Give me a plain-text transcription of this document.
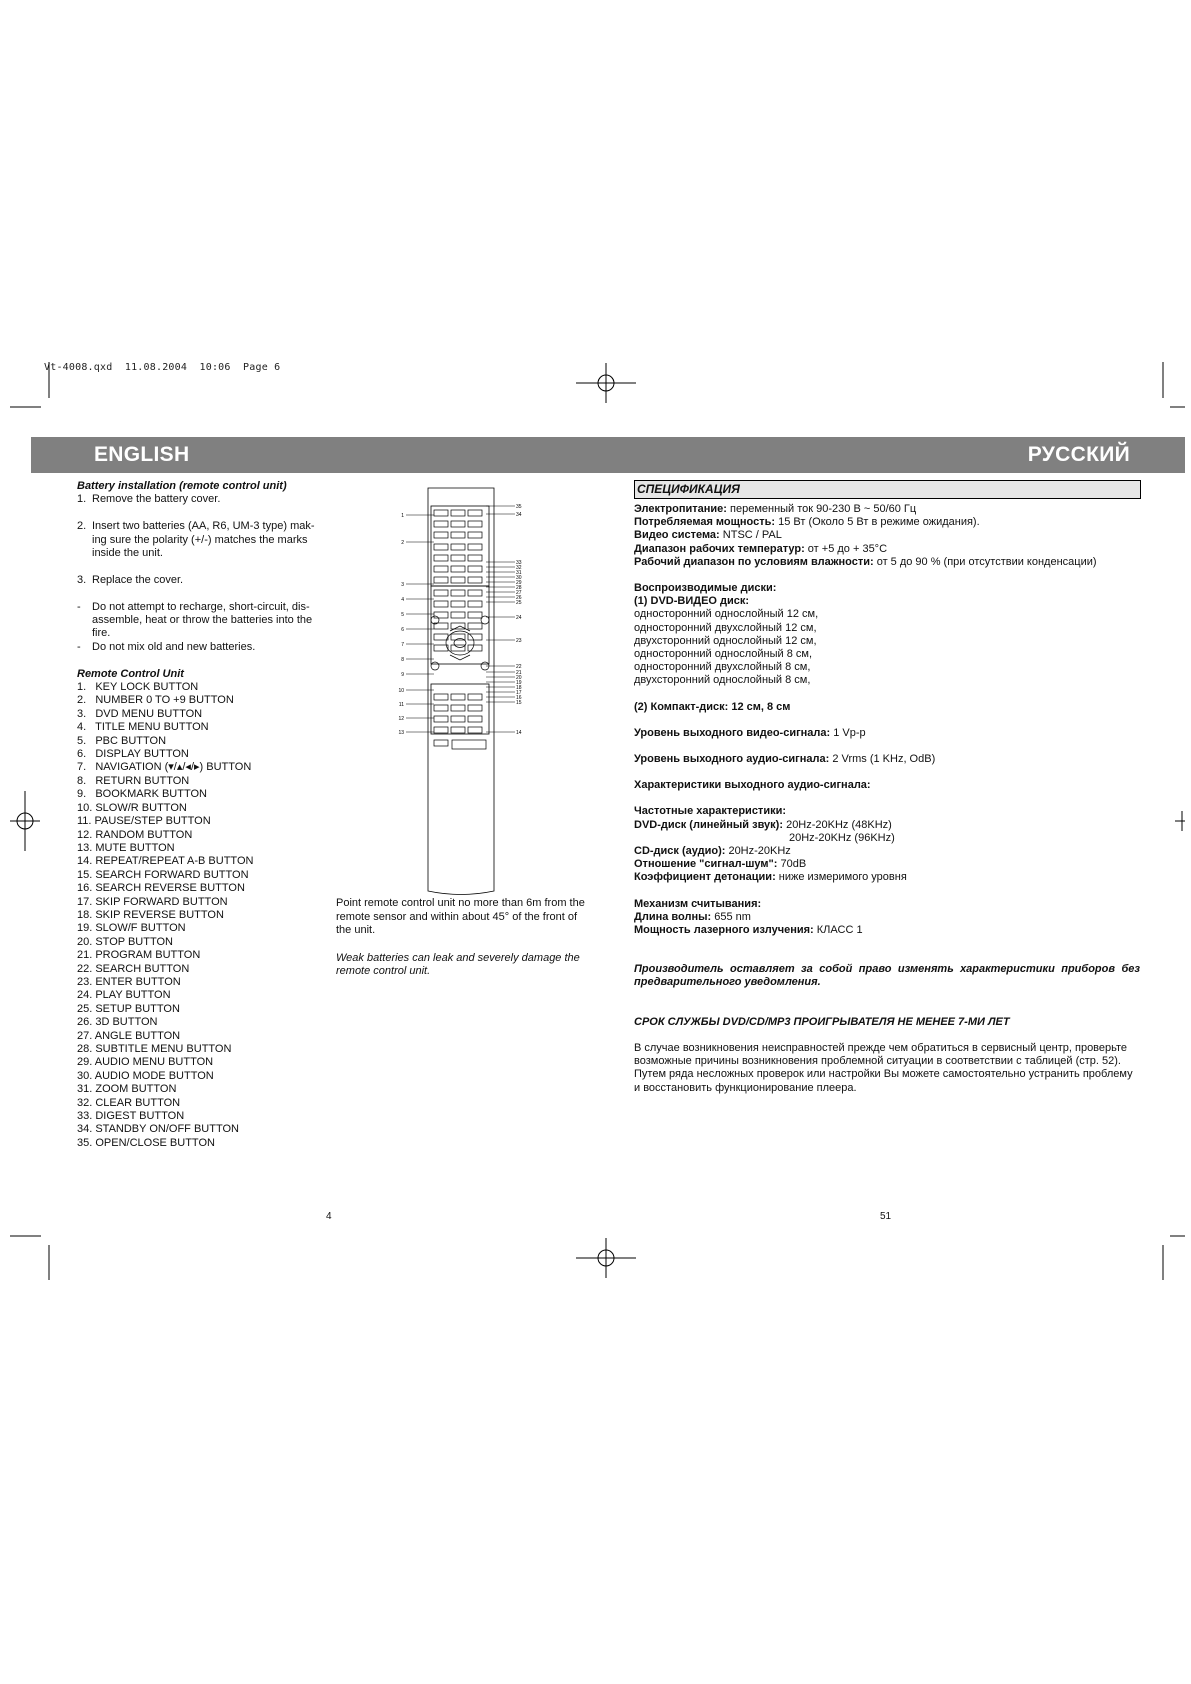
Vt-4008.qxd  11.08.2004  10:06  Page 6
ENGLISH	РУССКИЙ

Battery installation (remote control unit)

1. Remove the battery cover.
2. Insert two batteries (AA, R6, UM-3 type) mak-ing sure the polarity (+/-) matches the marks inside the unit.
3. Replace the cover.
-	Do not attempt to recharge, short-circuit, dis-assemble, heat or throw the batteries into the fire.
-	Do not mix old and new batteries.

Remote Control Unit

1.   KEY LOCK BUTTON

2.   NUMBER 0 TO +9 BUTTON

3.   DVD MENU BUTTON

4.   TITLE MENU BUTTON

5.   PBC BUTTON

6.   DISPLAY BUTTON

7.   NAVIGATION (▾/▴/◂/▸) BUTTON

8.   RETURN BUTTON

9.   BOOKMARK BUTTON

10. SLOW/R BUTTON

11. PAUSE/STEP BUTTON

12. RANDOM BUTTON

13. MUTE BUTTON

14. REPEAT/REPEAT A-B BUTTON

15. SEARCH FORWARD BUTTON

16. SEARCH REVERSE BUTTON

17. SKIP FORWARD BUTTON

18. SKIP REVERSE BUTTON

19. SLOW/F BUTTON

20. STOP BUTTON

21. PROGRAM BUTTON

22. SEARCH BUTTON

23. ENTER BUTTON

24. PLAY BUTTON

25. SETUP BUTTON

26. 3D BUTTON

27. ANGLE BUTTON

28. SUBTITLE MENU BUTTON

29. AUDIO MENU BUTTON

30. AUDIO MODE BUTTON

31. ZOOM BUTTON

32. CLEAR BUTTON

33. DIGEST BUTTON

34. STANDBY ON/OFF BUTTON

35. OPEN/CLOSE BUTTON

1
2
3
4
5
6
7
8
9
10
11
12
13
35
34
33
32
31
30
29
28
27
26
25
24
23
22
21
20
19
18
17
16
15
14

Point remote control unit no more than 6m from the remote sensor and within about 45° of the front of the unit.

Weak batteries can leak and severely damage the remote control unit.

СПЕЦИФИКАЦИЯ

Электропитание: переменный ток 90-230 В ~ 50/60 Гц

Потребляемая мощность: 15 Вт (Около 5 Вт в режиме ожидания).

Видео система: NTSC / PAL

Диапазон рабочих температур: от +5 до + 35°С

Рабочий диапазон по условиям влажности: от 5 до 90 % (при отсутствии конденсации)

Воспроизводимые диски:

(1) DVD-ВИДЕО диск:

односторонний однослойный 12 см,

односторонний двухслойный 12 см,

двухсторонний однослойный 12 см,

односторонний однослойный 8 см,

односторонний двухслойный 8 см,

двухсторонний однослойный 8 см,

(2) Компакт-диск: 12 см, 8 см

Уровень выходного видео-сигнала: 1 Vp-p

Уровень выходного аудио-сигнала: 2 Vrms (1 KHz, OdB)

Характеристики выходного аудио-сигнала:

Частотные характеристики:

DVD-диск (линейный звук): 20Hz-20KHz (48KHz)

20Hz-20KHz (96KHz)

CD-диск (аудио): 20Hz-20KHz

Отношение "сигнал-шум": 70dB

Коэффициент детонации: ниже измеримого уровня

Механизм считывания:

Длина волны: 655 nm

Мощность лазерного излучения: КЛАСС 1

Производитель оставляет за собой право изменять характеристики приборов без предварительного уведомления.

СРОК СЛУЖБЫ DVD/CD/MP3 ПРОИГРЫВАТЕЛЯ НЕ МЕНЕЕ 7-МИ ЛЕТ

В случае возникновения неисправностей прежде чем обратиться в сервисный центр, проверьте возможные причины возникновения проблемной ситуации в соответствии с таблицей (стр. 52). Путем ряда несложных проверок или настройки Вы можете самостоятельно устранить проблему и восстановить функционирование плеера.

4	51
